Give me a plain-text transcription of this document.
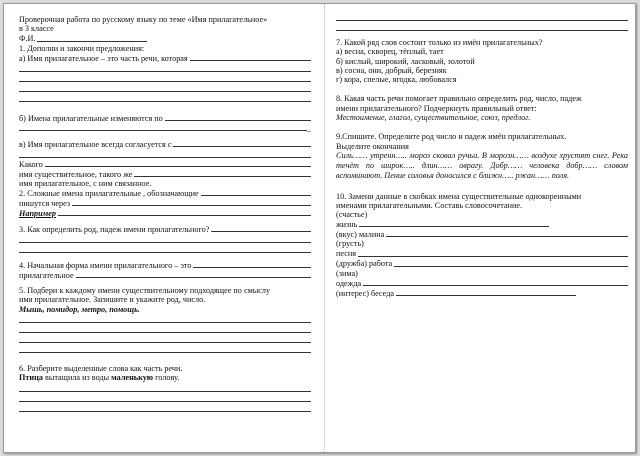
Проверочная работа по русскому языку по теме «Имя прилагательное»
в 3 классе
Ф.И.
1. Дополни и закончи предложения:
а) Имя прилагательное – это часть речи, которая
б) Имена прилагательные изменяются по
_
в) Имя прилагательное всегда согласуется с
Какого
имя существительное, такого же
имя прилагательное, с ним связанное.
2. Сложные имена прилагательные , обозначающие
пишутся через
Например
3. Как определить род, падеж имени прилагательного?
4. Начальная форма имени прилагательного – это
прилагательное
5. Подбери к каждому имени существительному подходящее по смыслу
имя прилагательное. Запишите и укажите род, число.
Мышь, помидор, метро, помощь.
6. Разберите выделенные слова как часть речи.
Птица вытащила из воды маленькую голову.
7. Какой ряд слов состоит только из имён прилагательных?
а) весна, скворец, тёплый, тает
б) кислый, широкий, ласковый, золотой
в) сосна, они, добрый, березняк
г) кора, спелые, ягодка, любовался
8. Какая часть речи помогает правильно определить род, число, падеж
имени прилагательного? Подчеркнуть правильный ответ:
Местоимение, глагол, существительное, союз, предлог.
9.Спишите. Определите род число и падеж имён прилагательных.
Выделите окончания
Силь…… утренн….. мороз сковал ручьи. В морозн…… воздухе хрустят снег. Река течёт по широк….. длин…… оврагу. Добр…… человека добр…… словом вспоминают. Пение соловья доносился с ближн….. ржан…… поля.
10. Замени данные в скобках имена существительные однокоренными
именами прилагательными. Составь словосочетание.
(счастье)
жизнь
(вкус) малина
(грусть)
песня
(дружба) работа
(зима)
одежда
(интерес) беседа
